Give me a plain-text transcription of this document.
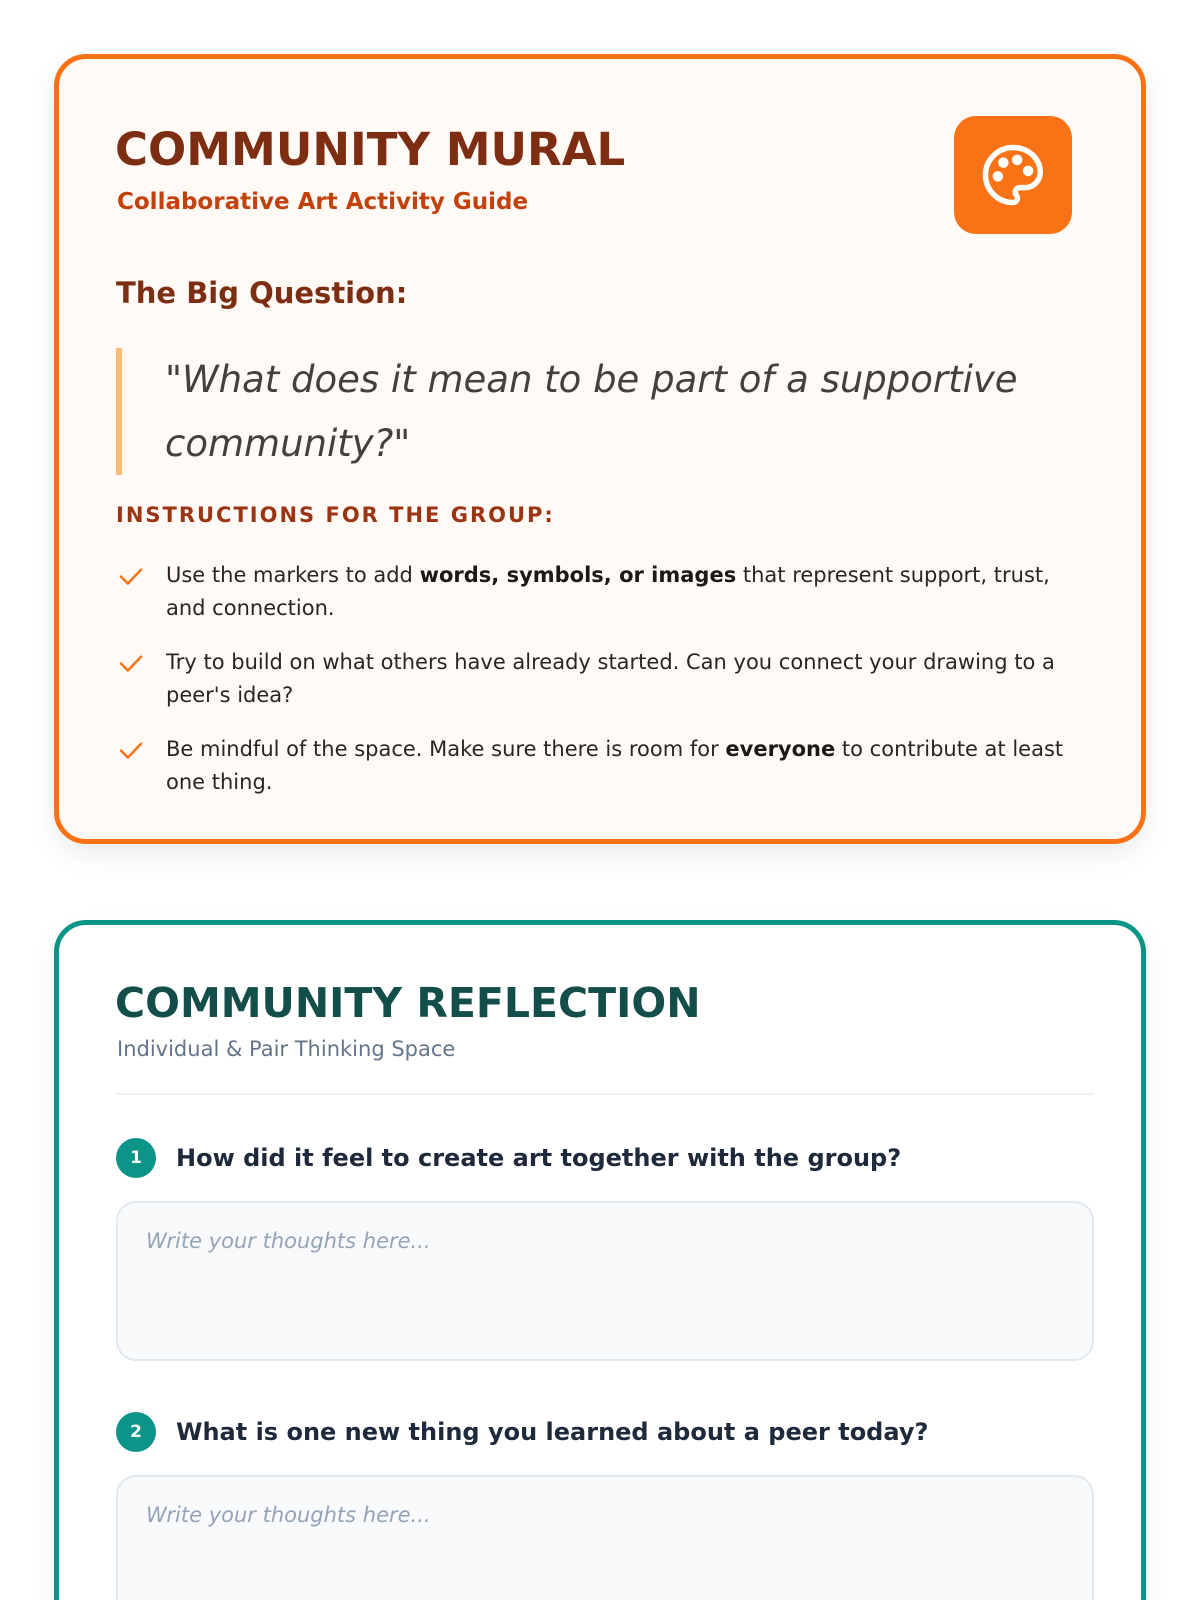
COMMUNITY MURAL
Collaborative Art Activity Guide
The Big Question:
"What does it mean to be part of a supportive community?"
INSTRUCTIONS FOR THE GROUP:
Use the markers to add words, symbols, or images that represent support, trust, and connection.
Try to build on what others have already started. Can you connect your drawing to a peer's idea?
Be mindful of the space. Make sure there is room for everyone to contribute at least one thing.
COMMUNITY REFLECTION
Individual & Pair Thinking Space
1	How did it feel to create art together with the group?
Write your thoughts here...
2	What is one new thing you learned about a peer today?
Write your thoughts here...
